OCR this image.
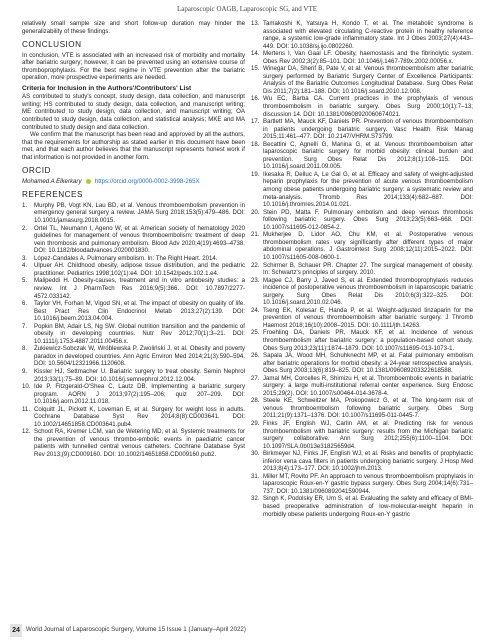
Laparoscopic OAGB, Laparoscopic SG, and VTE

relatively small sample size and short follow-up duration may hinder the generalizability of these findings.

CONCLUSION

In conclusion, VTE is associated with an increased risk of morbidity and mortality after bariatric surgery; however, it can be prevented using an extensive course of thromboprophylaxis. For the best regime in VTE prevention after the bariatric operation, more prospective experiments are needed.

Criteria for Inclusion in the Authors'/Contributors' List

AS contributed to study's concept, study design, data collection, and manuscript writing; HS contributed to study design, data collection, and manuscript writing; ME contributed to study design, data collection, and manuscript writing; OA contributed to study design, data collection, and statistical analysis; MKE and MA contributed to study design and data collection.

We confirm that the manuscript has been read and approved by all the authors, that the requirements for authorship as stated earlier in this document have been met, and that each author believes that the manuscript represents honest work if that information is not provided in another form.

ORCID

Mohamed A Elkerkary https://orcid.org/0000-0002-3998-265X

REFERENCES
1.	Murphy PB, Vogt KN, Lau BD, et al. Venous thromboembolism prevention in emergency general surgery a review. JAMA Surg 2018;153(5):479–486. DOI: 10.1001/jamasurg.2018.0015.
2.	Ortel TL, Neumann I, Ageno W, et al. American society of hematology 2020 guidelines for management of venous thromboembolism: treatment of deep vein thrombosis and pulmonary embolism. Blood Adv 2020;4(19):4693–4738. DOI: 10.1182/bloodadvances.2020001830.
3.	López-Candales A. Pulmonary embolism. In: The Right Heart. 2014.
4.	Ulpuer AH. Childhood obesity, adipose tissue distribution, and the pediatric practitioner. Pediatrics 1998;102(1):e4. DOI: 10.1542/peds.102.1.e4.
5.	Malipeddi H. Obesity-causes, treatment and in vitro antiobesity studies: a review. Int J PharmTech Res 2016;9(5):366. DOI: 10.7897/2277-4572.033142.
6.	Taylor VH, Forhan M, Vigod SN, et al. The impact of obesity on quality of life. Best Pract Res Clin Endocrinol Metab 2013;27(2):139. DOI: 10.1016/j.beem.2013.04.004.
7.	Popkin BM, Adair LS, Ng SW. Global nutrition transition and the pandemic of obesity in developing countries. Nutr Rev 2012;70(1):3–21. DOI: 10.1111/j.1753-4887.2011.00456.x.
8.	Żukiewicz-Sobczak W, Wróblewska P, Zwoliński J, et al. Obesity and poverty paradox in developed countries. Ann Agric Environ Med 2014;21(3):590–594. DOI: 10.5604/12321966.1120608.
9.	Kissler HJ, Settmacher U. Bariatric surgery to treat obesity. Semin Nephrol 2013;33(1):75–89. DOI: 10.1016/j.semnephrol.2012.12.004.
10. Ide P, Fitzgerald-O'Shea C, Lautz DB. Implementing a bariatric surgery program. AORN J 2013;97(2):195–206; quiz 207–209. DOI: 10.1016/j.aorn.2012.11.018.
11. Colquitt JL, Pickett K, Loveman E, et al. Surgery for weight loss in adults. Cochrane Database Syst Rev 2014;8(8):CD003641. DOI: 10.1002/14651858.CD003641.pub4.
12. Schoot RA, Kremer LCM, van de Wetering MD, et al. Systemic treatments for the prevention of venous thrombo-embolic events in paediatric cancer patients with tunnelled central venous catheters. Cochrane Database Syst Rev 2013;(9):CD009160. DOI: 10.1002/14651858.CD009160.pub2.
13. Tamakoshi K, Yatsuya H, Kondo T, et al. The metabolic syndrome is associated with elevated circulating C-reactive protein in healthy reference range, a systemic low-grade inflammatory state. Int J Obes 2003;27(4):443–449. DOI: 10.1038/sj.ijo.0802260.
14. Mertens I, Van Gaal LF. Obesity, haemostasis and the fibrinolytic system. Obes Rev 2002;3(2):85–101. DOI: 10.1046/j.1467-789x.2002.00056.x.
15. Winegar DA, Sherif B, Pate V, et al. Venous thromboembolism after bariatric surgery performed by Bariatric Surgery Center of Excellence Participants: Analysis of the Bariatric Outcomes Longitudinal Database. Surg Obes Relat Dis 2011;7(2):181–188. DOI: 10.1016/j.soard.2010.12.008.
16. Wu EC, Barba CA. Current practices in the prophylaxis of venous thromboembolism in bariatric surgery. Obes Surg 2000;10(1):7–13; discussion 14. DOI: 10.1381/09608920060674021.
17. Bartlett MA, Mauck KF, Daniels PR. Prevention of venous thromboembolism in patients undergoing bariatric surgery. Vasc Health Risk Manag 2015;11:461–477. DOI: 10.2147/VHRM.S73799.
18. Becattini C, Agnelli G, Manina G, et al. Venous thromboembolism after laparoscopic bariatric surgery for morbid obesity: clinical burden and prevention. Surg Obes Relat Dis 2012;8(1):108–115. DOI: 10.1016/j.soard.2011.09.005.
19. Ikesaka R, Delluc A, Le Gal G, et al. Efficacy and safety of weight-adjusted heparin prophylaxis for the prevention of acute venous thromboembolism among obese patients undergoing bariatric surgery: a systematic review and meta-analysis. Thromb Res 2014;133(4):682–687. DOI: 10.1016/j.thromres.2014.01.021.
20. Stein PD, Matta F. Pulmonary embolism and deep venous thrombosis following bariatric surgery. Obes Surg 2013;23(5):663–668. DOI: 10.1007/s11695-012-0854-2.
21. Mukherjee D, Lidor AO, Chu KM, et al. Postoperative venous thromboembolism rates vary significantly after different types of major abdominal operations. J Gastrointest Surg 2008;12(11):2015–2022. DOI: 10.1007/s11605-008-0600-1.
22. Schirmer B, Schauer PR. Chapter 27. The surgical management of obesity. In: Schwartz's principles of surgery. 2010.
23. Magee CJ, Barry J, Javed S, et al. Extended thromboprophylaxis reduces incidence of postoperative venous thromboembolism in laparoscopic bariatric surgery. Surg Obes Relat Dis 2010;6(3):322–325. DOI: 10.1016/j.soard.2010.02.046.
24. Tseng EK, Kolesar E, Handa P, et al. Weight-adjusted tinzaparin for the prevention of venous thromboembolism after bariatric surgery. J Thromb Haemost 2018;16(10):2008–2015. DOI: 10.1111/jth.14263.
25. Froehling DA, Daniels PR, Mauck KF, et al. Incidence of venous thromboembolism after bariatric surgery: a population-based cohort study. Obes Surg 2013;23(11):1874–1879. DOI: 10.1007/s11695-013-1073-1.
26. Sapala JA, Wood MH, Schuhknecht MP, et al. Fatal pulmonary embolism after bariatric operations for morbid obesity: a 24-year retrospective analysis. Obes Surg 2003;13(6):819–825. DOI: 10.1381/096089203322618588.
27. Jamal MH, Corcelles R, Shimizu H, et al. Thromboembolic events in bariatric surgery: a large multi-institutional referral center experience. Surg Endosc 2015;29(2). DOI: 10.1007/s00464-014-3678-4.
28. Steele KE, Schweitzer MA, Prokopowicz G, et al. The long-term risk of venous thromboembolism following bariatric surgery. Obes Surg 2011;21(9):1371–1376. DOI: 10.1007/s11695-011-0445-7.
29. Finks JF, English WJ, Carlin AM, et al. Predicting risk for venous thromboembolism with bariatric surgery: results from the Michigan bariatric surgery collaborative. Ann Surg 2012;255(6):1100–1104. DOI: 10.1097/SLA.0b013e31825659d4.
30. Birkmeyer NJ, Finks JF, English WJ, et al. Risks and benefits of prophylactic inferior vena cava filters in patients undergoing bariatric surgery. J Hosp Med 2013;8(4):173–177. DOI: 10.1002/jhm.2013.
31. Miller MT, Rovito PF. An approach to venous thromboembolism prophylaxis in laparoscopic Roux-en-Y gastric bypass surgery. Obes Surg 2004;14(6):731–737. DOI: 10.1381/0960892041590944.
32. Singh K, Podolsky ER, Um S, et al. Evaluating the safety and efficacy of BMI-based preoperative administration of low-molecular-weight heparin in morbidly obese patients undergoing Roux-en-Y gastric
24 World Journal of Laparoscopic Surgery, Volume 15 Issue 1 (January–April 2022)
